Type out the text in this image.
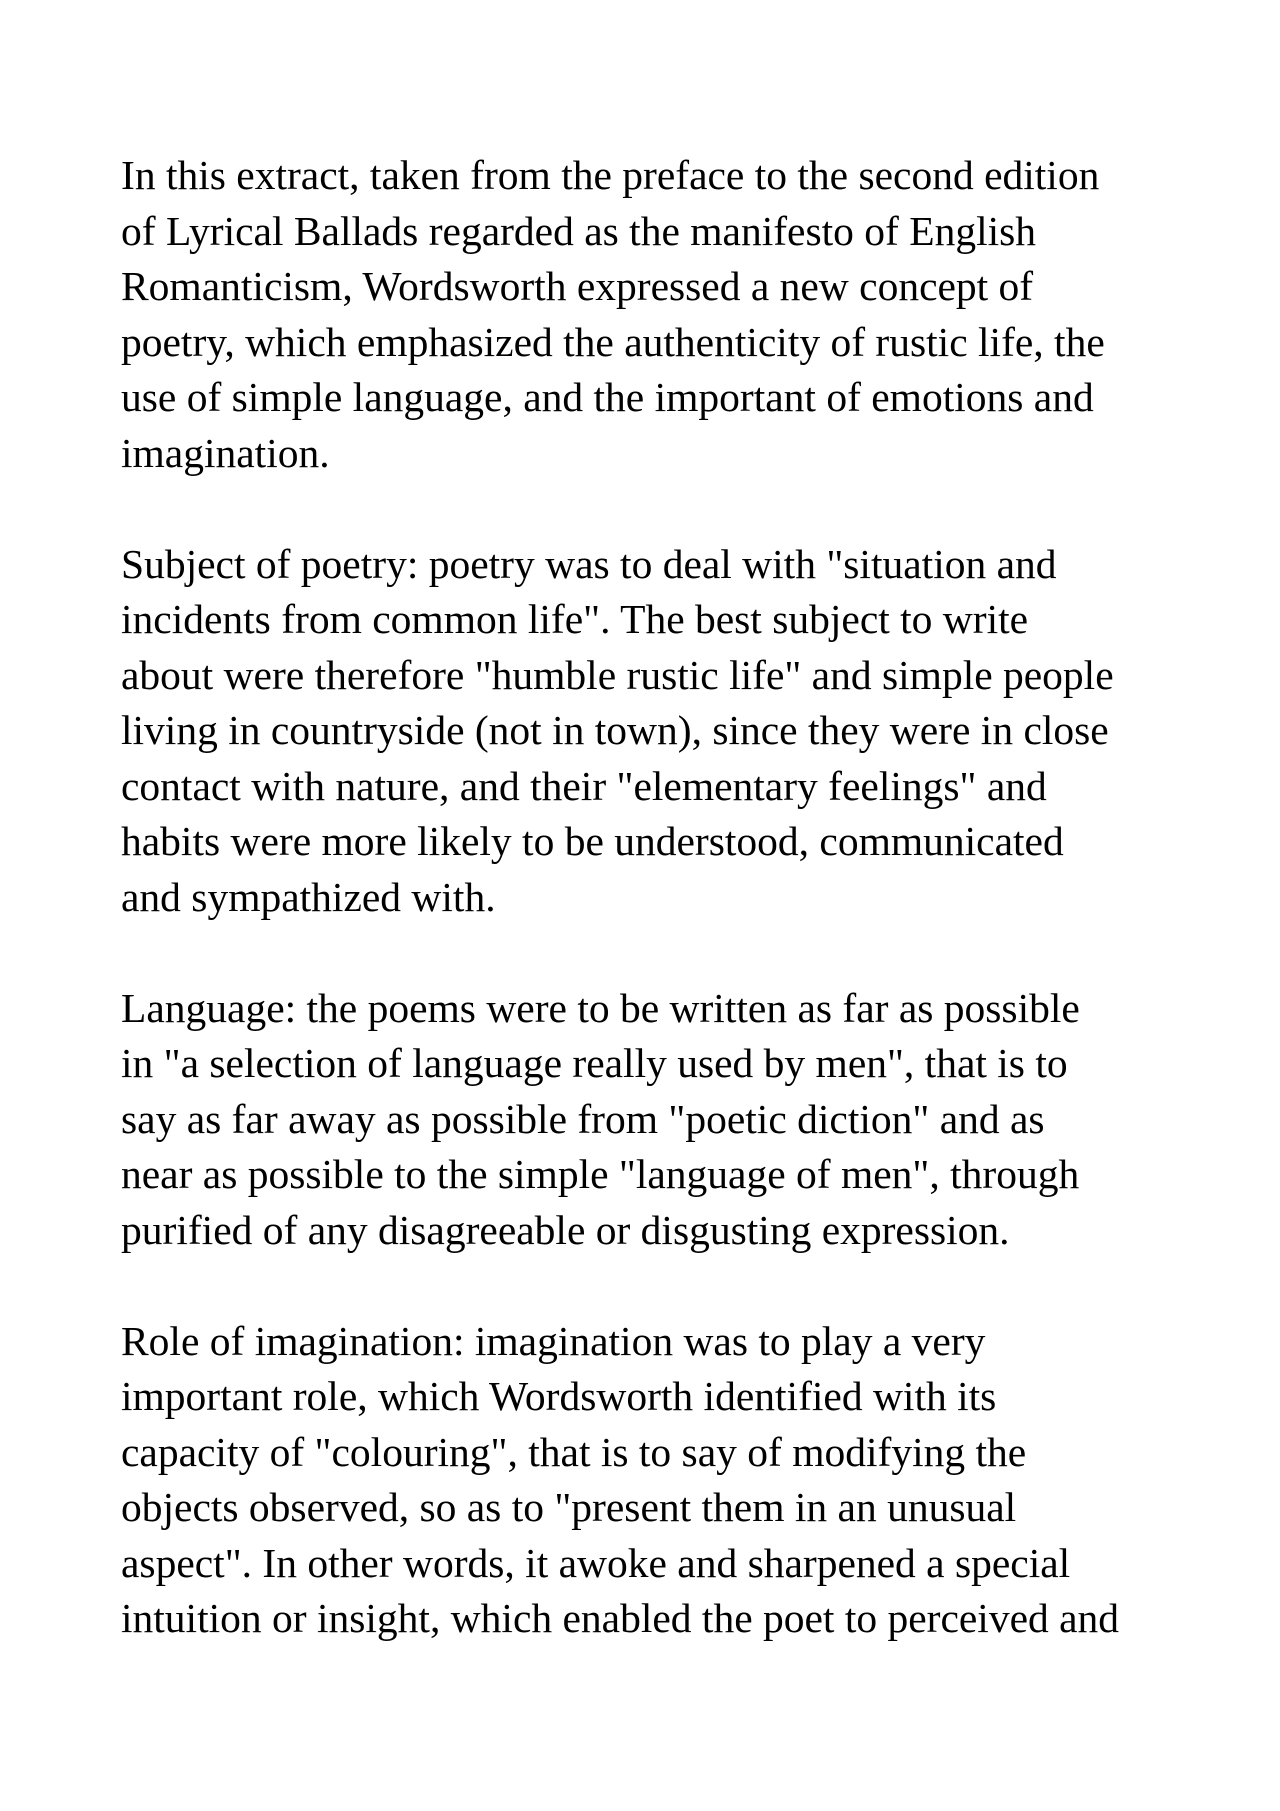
In this extract, taken from the preface to the second edition
of Lyrical Ballads regarded as the manifesto of English
Romanticism, Wordsworth expressed a new concept of
poetry, which emphasized the authenticity of rustic life, the
use of simple language, and the important of emotions and
imagination.

Subject of poetry: poetry was to deal with "situation and
incidents from common life". The best subject to write
about were therefore "humble rustic life" and simple people
living in countryside (not in town), since they were in close
contact with nature, and their "elementary feelings" and
habits were more likely to be understood, communicated
and sympathized with.

Language: the poems were to be written as far as possible
in "a selection of language really used by men", that is to
say as far away as possible from "poetic diction" and as
near as possible to the simple "language of men", through
purified of any disagreeable or disgusting expression.

Role of imagination: imagination was to play a very
important role, which Wordsworth identified with its
capacity of "colouring", that is to say of modifying the
objects observed, so as to "present them in an unusual
aspect". In other words, it awoke and sharpened a special
intuition or insight, which enabled the poet to perceived and
